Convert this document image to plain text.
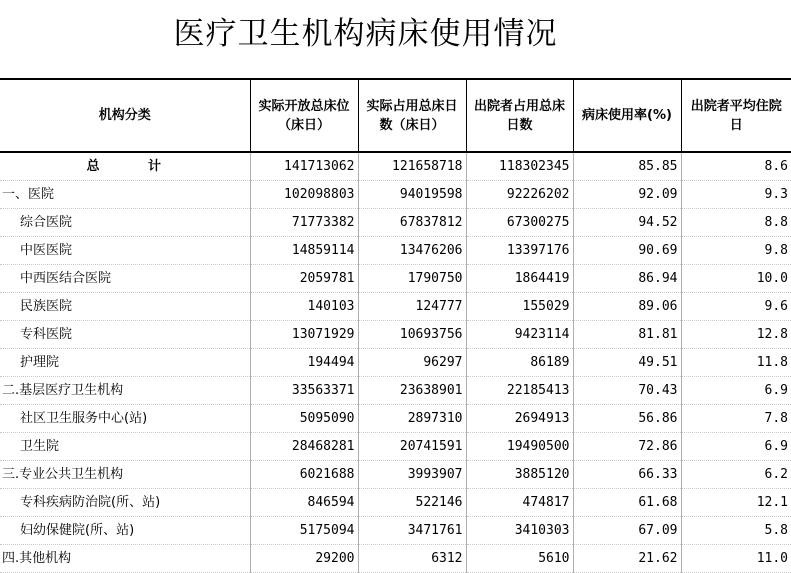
医疗卫生机构病床使用情况
机构分类	实际开放总床位（床日）	实际占用总床日数（床日）	出院者占用总床日数	病床使用率(%)	出院者平均住院日
总 计	141713062	121658718	118302345	85.85	8.6
一、医院	102098803	94019598	92226202	92.09	9.3
综合医院	71773382	67837812	67300275	94.52	8.8
中医医院	14859114	13476206	13397176	90.69	9.8
中西医结合医院	2059781	1790750	1864419	86.94	10.0
民族医院	140103	124777	155029	89.06	9.6
专科医院	13071929	10693756	9423114	81.81	12.8
护理院	194494	96297	86189	49.51	11.8
二.基层医疗卫生机构	33563371	23638901	22185413	70.43	6.9
社区卫生服务中心(站)	5095090	2897310	2694913	56.86	7.8
卫生院	28468281	20741591	19490500	72.86	6.9
三.专业公共卫生机构	6021688	3993907	3885120	66.33	6.2
专科疾病防治院(所、站)	846594	522146	474817	61.68	12.1
妇幼保健院(所、站)	5175094	3471761	3410303	67.09	5.8
四.其他机构	29200	6312	5610	21.62	11.0
